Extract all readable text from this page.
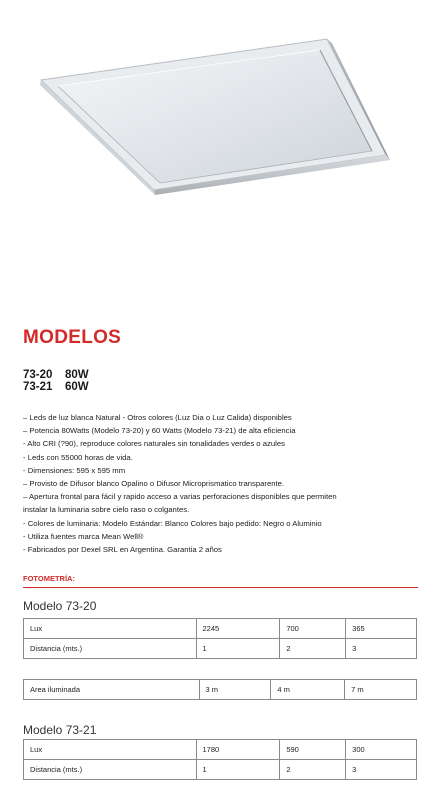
MODELOS
73-20 80W
73-21 60W
– Leds de luz blanca Natural - Otros colores (Luz Dia o Luz Calida) disponibles
– Potencia 80Watts (Modelo 73-20) y 60 Watts (Modelo 73-21) de alta eficiencia
- Alto CRI (?90), reproduce colores naturales sin tonalidades verdes o azules
- Leds con 55000 horas de vida.
- Dimensiones: 595 x 595 mm
– Provisto de Difusor blanco Opalino o Difusor Microprismatico transparente.
– Apertura frontal para fácil y rapido acceso a varias perforaciones disponibles que permiten
instalar la luminaria sobre cielo raso o colgantes.
- Colores de luminaria: Modelo Estándar: Blanco Colores bajo pedido: Negro o Aluminio
- Utiliza fuentes marca Mean Well®
- Fabricados por Dexel SRL en Argentina. Garantia 2 años
FOTOMETRÍA:
Modelo 73-20
Lux	2245	700	365
Distancia (mts.)	1	2	3
Area iluminada	3 m	4 m	7 m
Modelo 73-21
Lux	1780	590	300
Distancia (mts.)	1	2	3
